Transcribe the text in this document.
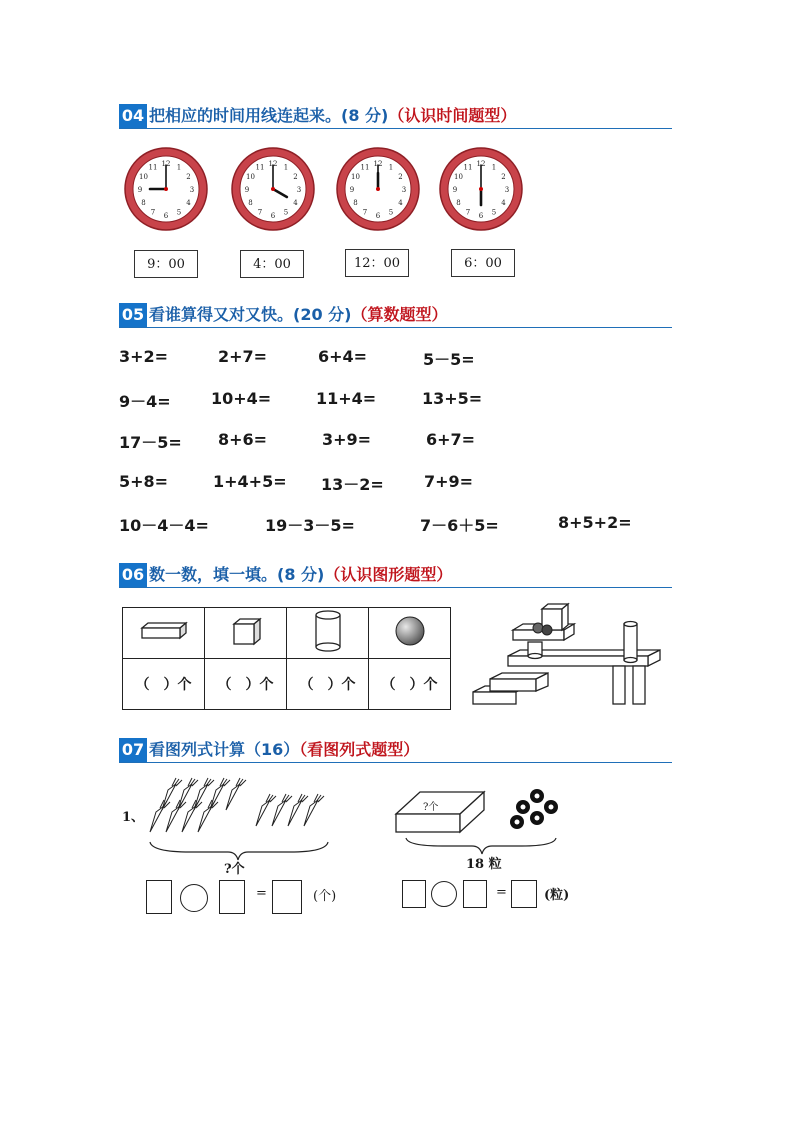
04 把相应的时间用线连起来。(8 分)（认识时间题型）
12 1
2
3
4
5
6
7
8
9
10
11	12 1
2
3
4
5
6
7
8
9
10
11	12 1
2
3
4
5
6
7
8
9
10
11	12 1
2
3
4
5
6
7
8
9
10
11
9：00	4：00	12：00	6：00
05 看谁算得又对又快。(20 分)（算数题型）
3+2=	2+7=	6+4=	5－5=
9－4=	10+4=	11+4=	13+5=
17－5= 8+6=	3+9=	6+7=
5+8=	1+4+5= 13－2=	7+9=
10－4－4=	19－3－5=	7－6＋5=	8+5+2=
06 数一数，填一填。(8 分)（认识图形题型）

（　）个	（　）个	（　）个	（　）个
07 看图列式计算（16）（看图列式题型）
1、
?个
?个
18 粒
=	(个)	=	(粒)
